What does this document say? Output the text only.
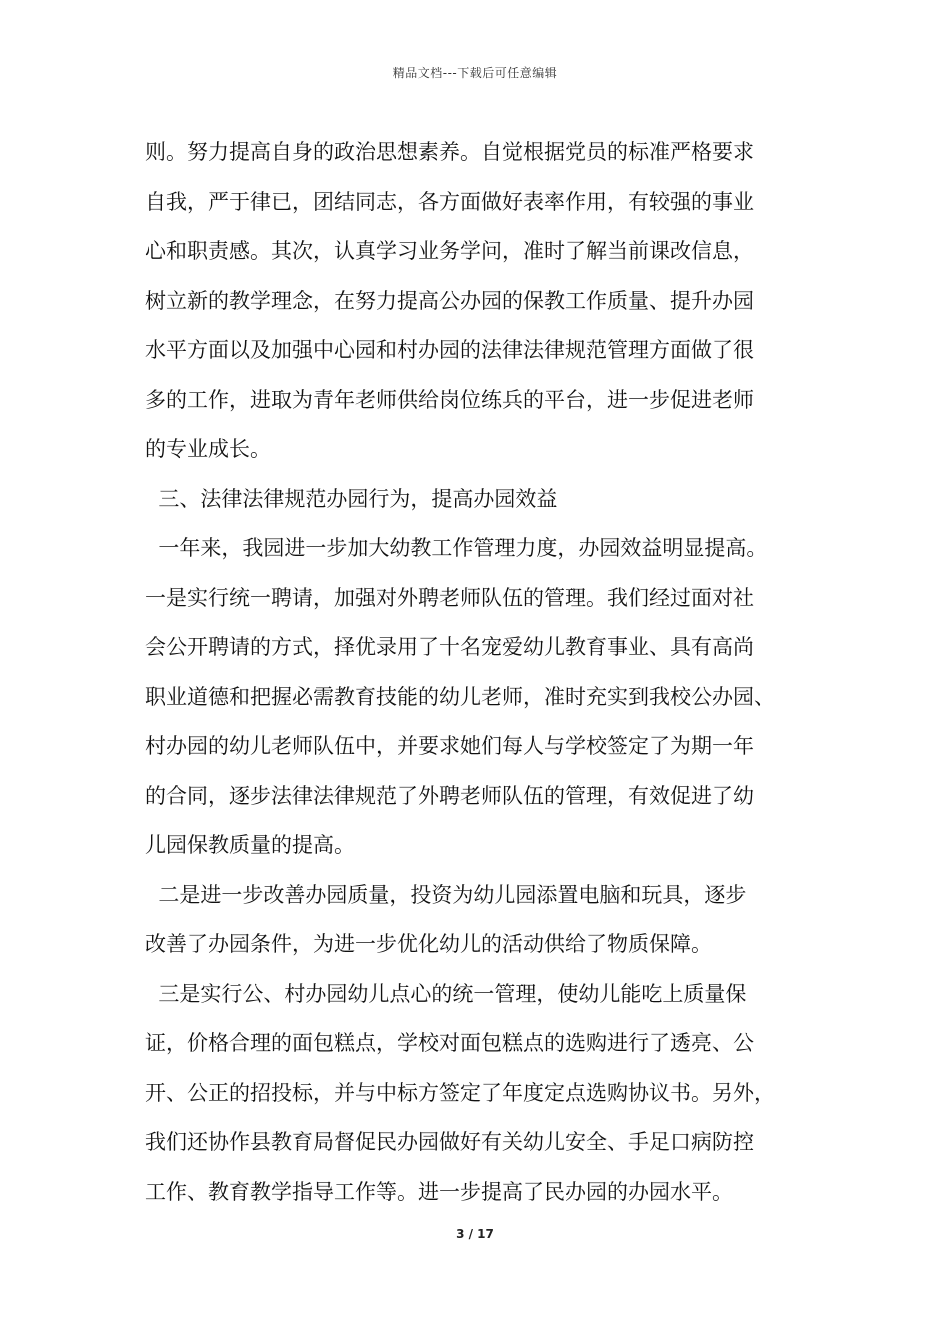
精品文档---下载后可任意编辑
则。努力提高自身的政治思想素养。自觉根据党员的标准严格要求
自我，严于律已，团结同志，各方面做好表率作用，有较强的事业
心和职责感。其次，认真学习业务学问，准时了解当前课改信息，
树立新的教学理念，在努力提高公办园的保教工作质量、提升办园
水平方面以及加强中心园和村办园的法律法律规范管理方面做了很
多的工作，进取为青年老师供给岗位练兵的平台，进一步促进老师
的专业成长。
三、法律法律规范办园行为，提高办园效益
一年来，我园进一步加大幼教工作管理力度，办园效益明显提高。
一是实行统一聘请，加强对外聘老师队伍的管理。我们经过面对社
会公开聘请的方式，择优录用了十名宠爱幼儿教育事业、具有高尚
职业道德和把握必需教育技能的幼儿老师，准时充实到我校公办园、
村办园的幼儿老师队伍中，并要求她们每人与学校签定了为期一年
的合同，逐步法律法律规范了外聘老师队伍的管理，有效促进了幼
儿园保教质量的提高。
二是进一步改善办园质量，投资为幼儿园添置电脑和玩具，逐步
改善了办园条件，为进一步优化幼儿的活动供给了物质保障。
三是实行公、村办园幼儿点心的统一管理，使幼儿能吃上质量保
证，价格合理的面包糕点，学校对面包糕点的选购进行了透亮、公
开、公正的招投标，并与中标方签定了年度定点选购协议书。另外，
我们还协作县教育局督促民办园做好有关幼儿安全、手足口病防控
工作、教育教学指导工作等。进一步提高了民办园的办园水平。
3 / 17
